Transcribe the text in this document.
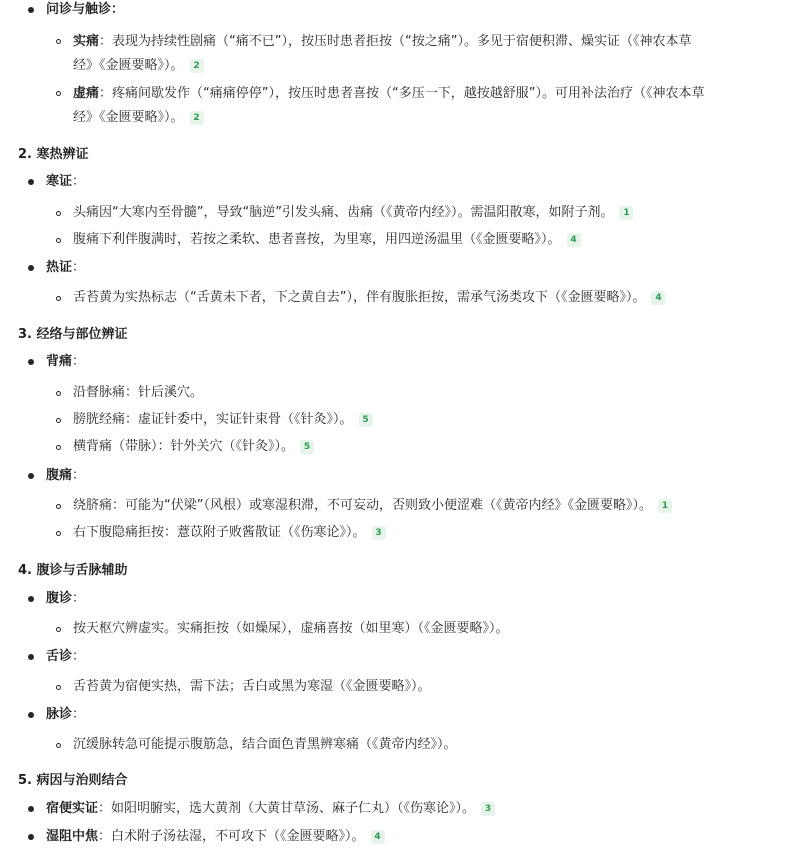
问诊与触诊：
实痛：表现为持续性剧痛（“痛不已”），按压时患者拒按（“按之痛”）。多见于宿便积滞、燥实证（《神农本草
经》《金匮要略》）。 2
虚痛：疼痛间歇发作（“痛痛停停”），按压时患者喜按（“多压一下，越按越舒服”）。可用补法治疗（《神农本草
经》《金匮要略》）。 2
2. 寒热辨证
寒证：
头痛因“大寒内至骨髓”，导致“脑逆”引发头痛、齿痛（《黄帝内经》）。需温阳散寒，如附子剂。 1
腹痛下利伴腹满时，若按之柔软、患者喜按，为里寒，用四逆汤温里（《金匮要略》）。 4
热证：
舌苔黄为实热标志（“舌黄未下者，下之黄自去”），伴有腹胀拒按，需承气汤类攻下（《金匮要略》）。 4
3. 经络与部位辨证
背痛：
沿督脉痛：针后溪穴。
膀胱经痛：虚证针委中，实证针束骨（《针灸》）。 5
横背痛（带脉）：针外关穴（《针灸》）。 5
腹痛：
绕脐痛：可能为“伏梁”（风根）或寒湿积滞，不可妄动，否则致小便涩难（《黄帝内经》《金匮要略》）。 1
右下腹隐痛拒按：薏苡附子败酱散证（《伤寒论》）。 3
4. 腹诊与舌脉辅助
腹诊：
按天枢穴辨虚实。实痛拒按（如燥屎），虚痛喜按（如里寒）（《金匮要略》）。
舌诊：
舌苔黄为宿便实热，需下法；舌白或黑为寒湿（《金匮要略》）。
脉诊：
沉缓脉转急可能提示腹筋急，结合面色青黑辨寒痛（《黄帝内经》）。
5. 病因与治则结合
宿便实证：如阳明腑实，选大黄剂（大黄甘草汤、麻子仁丸）（《伤寒论》）。 3
湿阻中焦：白术附子汤祛湿，不可攻下（《金匮要略》）。 4
